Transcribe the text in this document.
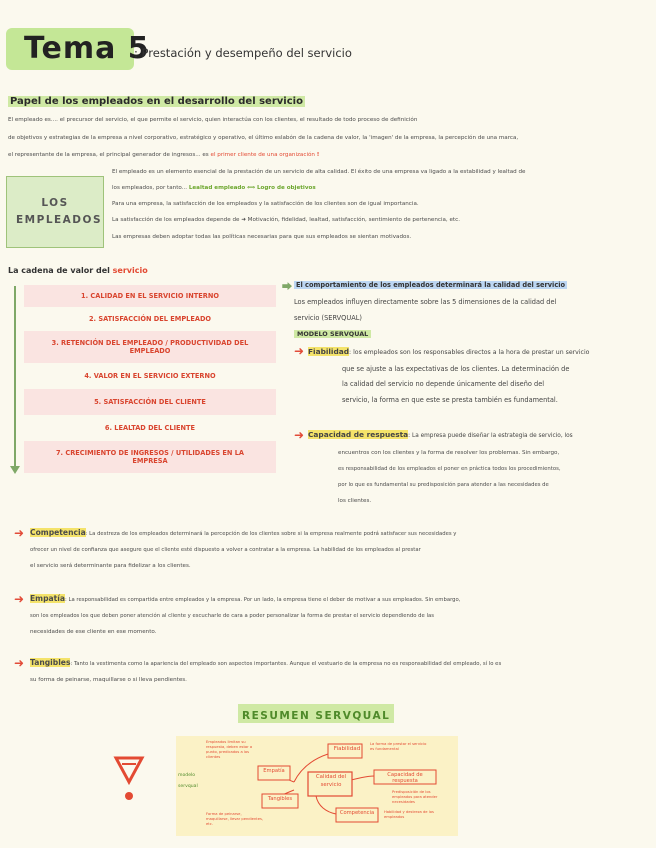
Tema 5
: Prestación y desempeño del servicio
Papel de los empleados en el desarrollo del servicio
El empleado es.... el precursor del servicio, el que permite el servicio, quien interactúa con los clientes, el resultado de todo proceso de definición
de objetivos y estrategias de la empresa a nivel corporativo, estratégico y operativo, el último eslabón de la cadena de valor, la 'imagen' de la empresa, la percepción de una marca,
el representante de la empresa, el principal generador de ingresos... es el primer cliente de una organización !
LOS EMPLEADOS
El empleado es un elemento esencial de la prestación de un servicio de alta calidad. El éxito de una empresa va ligado a la estabilidad y lealtad de
los empleados, por tanto... Lealtad empleado ⟺ Logro de objetivos
Para una empresa, la satisfacción de los empleados y la satisfacción de los clientes son de igual importancia.
La satisfacción de los empleados depende de ➜ Motivación, fidelidad, lealtad, satisfacción, sentimiento de pertenencia, etc.
Las empresas deben adoptar todas las políticas necesarias para que sus empleados se sientan motivados.
La cadena de valor del servicio
1. CALIDAD EN EL SERVICIO INTERNO
2. SATISFACCIÓN DEL EMPLEADO
3. RETENCIÓN DEL EMPLEADO / PRODUCTIVIDAD DEL EMPLEADO
4. VALOR EN EL SERVICIO EXTERNO
5. SATISFACCIÓN DEL CLIENTE
6. LEALTAD DEL CLIENTE
7. CRECIMIENTO DE INGRESOS / UTILIDADES EN LA EMPRESA
⮕ El comportamiento de los empleados determinará la calidad del servicio
Los empleados influyen directamente sobre las 5 dimensiones de la calidad del
servicio (SERVQUAL)
MODELO SERVQUAL
➜ Fiabilidad: los empleados son los responsables directos a la hora de prestar un servicio
que se ajuste a las expectativas de los clientes. La determinación de
la calidad del servicio no depende únicamente del diseño del
servicio, la forma en que este se presta también es fundamental.
➜ Capacidad de respuesta: La empresa puede diseñar la estrategia de servicio, los
encuentros con los clientes y la forma de resolver los problemas. Sin embargo,
es responsabilidad de los empleados el poner en práctica todos los procedimientos,
por lo que es fundamental su predisposición para atender a las necesidades de
los clientes.
➜ Competencia: La destreza de los empleados determinará la percepción de los clientes sobre si la empresa realmente podrá satisfacer sus necesidades y
ofrecer un nivel de confianza que asegure que el cliente esté dispuesto a volver a contratar a la empresa. La habilidad de los empleados al prestar
el servicio será determinante para fidelizar a los clientes.
➜ Empatía: La responsabilidad es compartida entre empleados y la empresa. Por un lado, la empresa tiene el deber de motivar a sus empleados. Sin embargo,
son los empleados los que deben poner atención al cliente y escucharle de cara a poder personalizar la forma de prestar el servicio dependiendo de las
necesidades de ese cliente en ese momento.
➜ Tangibles: Tanto la vestimenta como la apariencia del empleado son aspectos importantes. Aunque el vestuario de la empresa no es responsabilidad del empleado, sí lo es
su forma de peinarse, maquillarse o si lleva pendientes.
RESUMEN SERVQUAL
modelo servqual
Calidad del servicio
Fiabilidad
Capacidad de respuesta
Competencia
Tangibles
Empatía
Empleados limitan su respuesta, deben estar a punto, predicados a los clientes
La forma de prestar el servicio es fundamental
Predisposición de los empleados para atender necesidades
Habilidad y destreza de los empleados
Forma de peinarse, maquillarse, llevar pendientes, etc.
